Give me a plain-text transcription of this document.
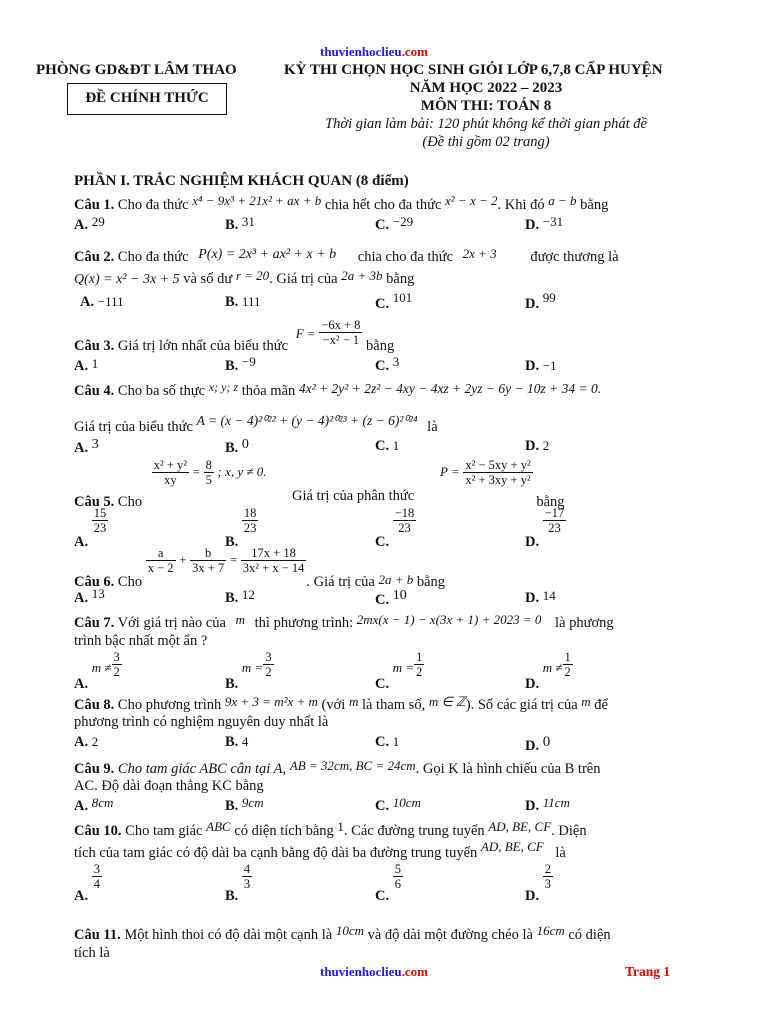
thuvienhoclieu.com
PHÒNG GD&ĐT LÂM THAO
ĐỀ CHÍNH THỨC
KỲ THI CHỌN HỌC SINH GIỎI LỚP 6,7,8 CẤP HUYỆN
NĂM HỌC 2022 – 2023
MÔN THI: TOÁN 8
Thời gian làm bài: 120 phút không kể thời gian phát đề
(Đề thi gồm 02 trang)
PHẦN I. TRẮC NGHIỆM KHÁCH QUAN (8 điểm)
Câu 1. Cho đa thức x⁴ − 9x³ + 21x² + ax + b chia hết cho đa thức x² − x − 2. Khi đó a − b bằng
A. 29	B. 31	C. −29	D. −31
Câu 2. Cho đa thức P(x) = 2x³ + ax² + x + b chia cho đa thức 2x + 3 được thương là
Q(x) = x² − 3x + 5 và số dư r = 20. Giá trị của 2a + 3b bằng
A. −111	B. 111	C. 101	D. 99
Câu 3. Giá trị lớn nhất của biểu thức $F = \frac{-6x + 8}{\text{−x² − 1}}$ bằng
A. 1	B. −9	C. 3	D. −1
Câu 4. Cho ba số thực $^{x; y; z}$ thỏa mãn 4x² + 2y² + 2z² − 4xy − 4xz + 2yz − 6y − 10z + 34 = 0.
Giá trị của biểu thức A = (x − 4)²⁰²² + (y − 4)²⁰²³ + (z − 6)²⁰²⁴ là
A. 3	B. 0	C. 1	D. 2
Câu 5. Cho
$\frac{\text{x² + y²}}{xy} = \frac{8}{5}$ ; x, y ≠ 0.
Giá trị của phân thức
$P = \frac{\text{x² − 5xy + y²}}{\text{x² + 3xy + y²}}$
bằng
A.
$\frac{15}{23}$
B.
$\frac{18}{23}$
C.
$\frac{-18}{23}$
D.
$\frac{-17}{23}$
Câu 6. Cho
$\frac{a}{x - 2} + \frac{b}{3x + 7} = \frac{17x + 18}{\text{3x² + x − 14}}$
. Giá trị của 2a + b bằng
A. 13	B. 12	C. 10	D. 14
Câu 7. Với giá trị nào của m thì phương trình: 2mx(x − 1) − x(3x + 1) + 2023 = 0 là phương
trình bậc nhất một ẩn ?
A. $m \ne \frac{3}{2}$
B. $m = \frac{3}{2}$
C. $m = \frac{1}{2}$
D. $m \ne \frac{1}{2}$
Câu 8. Cho phương trình 9x + 3 = m²x + m (với m là tham số, m ∈ ℤ). Số các giá trị của m để
phương trình có nghiệm nguyên duy nhất là
A. 2	B. 4	C. 1	D. 0
Câu 9. Cho tam giác ABC cân tại A, AB = 32cm, BC = 24cm. Gọi K là hình chiếu của B trên
AC. Độ dài đoạn thẳng KC bằng
A. 8cm	B. 9cm	C. 10cm	D. 11cm
Câu 10. Cho tam giác ABC có diện tích bằng 1. Các đường trung tuyến AD, BE, CF. Diện
tích của tam giác có độ dài ba cạnh bằng độ dài ba đường trung tuyến AD, BE, CF là
A.
$\frac{3}{4}$
B.
$\frac{4}{3}$
C.
$\frac{5}{6}$
D.
$\frac{2}{3}$
Câu 11. Một hình thoi có độ dài một cạnh là 10cm và độ dài một đường chéo là 16cm có diện
tích là
thuvienhoclieu.com	Trang 1
